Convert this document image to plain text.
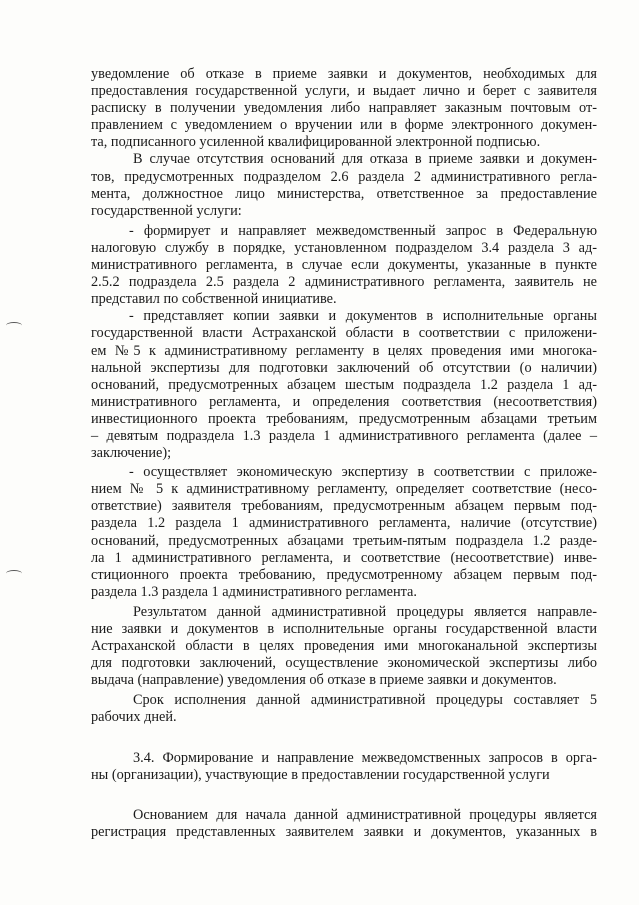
уведомление об отказе в приеме заявки и документов, необходимых для
предоставления государственной услуги, и выдает лично и берет с заявителя
расписку в получении уведомления либо направляет заказным почтовым от-
правлением с уведомлением о вручении или в форме электронного докумен-
та, подписанного усиленной квалифицированной электронной подписью.
В случае отсутствия оснований для отказа в приеме заявки и докумен-
тов, предусмотренных подразделом 2.6 раздела 2 административного регла-
мента, должностное лицо министерства, ответственное за предоставление
государственной услуги:
- формирует и направляет межведомственный запрос в Федеральную
налоговую службу в порядке, установленном подразделом 3.4 раздела 3 ад-
министративного регламента, в случае если документы, указанные в пункте
2.5.2 подраздела 2.5 раздела 2 административного регламента, заявитель не
представил по собственной инициативе.
- представляет копии заявки и документов в исполнительные органы
государственной власти Астраханской области в соответствии с приложени-
ем №5 к административному регламенту в целях проведения ими многока-
нальной экспертизы для подготовки заключений об отсутствии (о наличии)
оснований, предусмотренных абзацем шестым подраздела 1.2 раздела 1 ад-
министративного регламента, и определения соответствия (несоответствия)
инвестиционного проекта требованиям, предусмотренным абзацами третьим
– девятым подраздела 1.3 раздела 1 административного регламента (далее –
заключение);
- осуществляет экономическую экспертизу в соответствии с приложе-
нием № 5 к административному регламенту, определяет соответствие (несо-
ответствие) заявителя требованиям, предусмотренным абзацем первым под-
раздела 1.2 раздела 1 административного регламента, наличие (отсутствие)
оснований, предусмотренных абзацами третьим-пятым подраздела 1.2 разде-
ла 1 административного регламента, и соответствие (несоответствие) инве-
стиционного проекта требованию, предусмотренному абзацем первым под-
раздела 1.3 раздела 1 административного регламента.
Результатом данной административной процедуры является направле-
ние заявки и документов в исполнительные органы государственной власти
Астраханской области в целях проведения ими многоканальной экспертизы
для подготовки заключений, осуществление экономической экспертизы либо
выдача (направление) уведомления об отказе в приеме заявки и документов.
Срок исполнения данной административной процедуры составляет 5
рабочих дней.
3.4. Формирование и направление межведомственных запросов в орга-
ны (организации), участвующие в предоставлении государственной услуги
Основанием для начала данной административной процедуры является
регистрация представленных заявителем заявки и документов, указанных в
